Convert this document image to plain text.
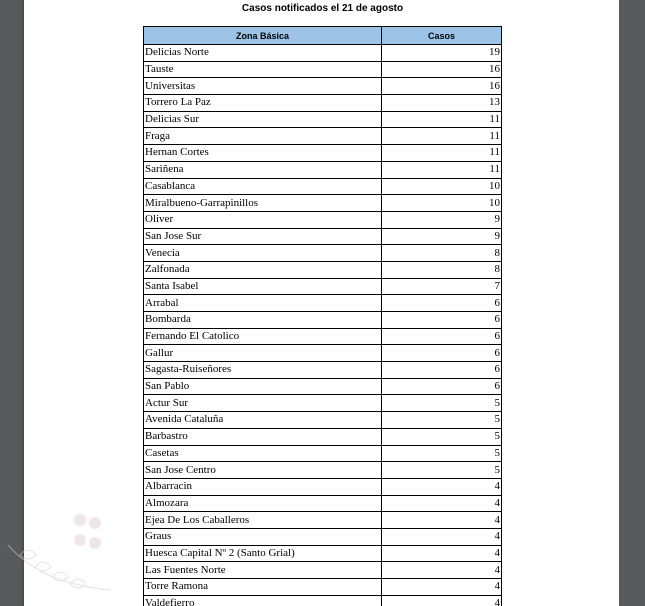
Casos notificados el 21 de agosto
Zona Básica	Casos
Delicias Norte	19
Tauste	16
Universitas	16
Torrero La Paz	13
Delicias Sur	11
Fraga	11
Hernan Cortes	11
Sariñena	11
Casablanca	10
Miralbueno-Garrapinillos	10
Oliver	9
San Jose Sur	9
Venecia	8
Zalfonada	8
Santa Isabel	7
Arrabal	6
Bombarda	6
Fernando El Catolico	6
Gallur	6
Sagasta-Ruiseñores	6
San Pablo	6
Actur Sur	5
Avenida Cataluña	5
Barbastro	5
Casetas	5
San Jose Centro	5
Albarracin	4
Almozara	4
Ejea De Los Caballeros	4
Graus	4
Huesca Capital Nº 2 (Santo Grial)	4
Las Fuentes Norte	4
Torre Ramona	4
Valdefierro	4
